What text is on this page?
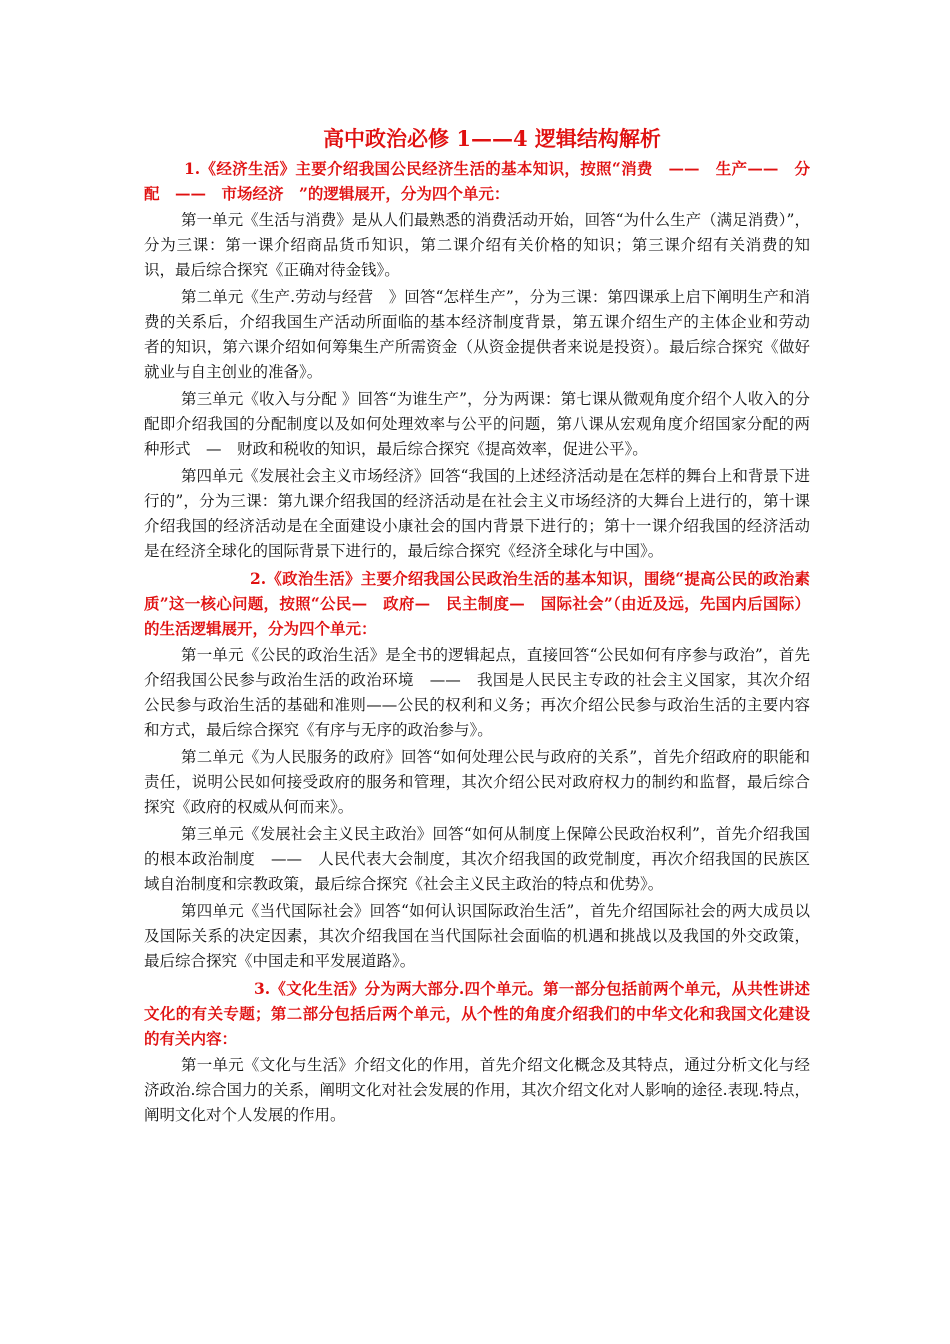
高中政治必修 1——4 逻辑结构解析

1.《经济生活》主要介绍我国公民经济生活的基本知识，按照“消费　——　生产——　分配　——　市场经济　”的逻辑展开，分为四个单元：

第一单元《生活与消费》是从人们最熟悉的消费活动开始，回答“为什么生产（满足消费）”，分为三课：第一课介绍商品货币知识，第二课介绍有关价格的知识；第三课介绍有关消费的知识，最后综合探究《正确对待金钱》。

第二单元《生产.劳动与经营　》回答“怎样生产”，分为三课：第四课承上启下阐明生产和消费的关系后，介绍我国生产活动所面临的基本经济制度背景，第五课介绍生产的主体企业和劳动者的知识，第六课介绍如何筹集生产所需资金（从资金提供者来说是投资）。最后综合探究《做好就业与自主创业的准备》。

第三单元《收入与分配 》回答“为谁生产”，分为两课：第七课从微观角度介绍个人收入的分配即介绍我国的分配制度以及如何处理效率与公平的问题，第八课从宏观角度介绍国家分配的两种形式　—　财政和税收的知识，最后综合探究《提高效率，促进公平》。

第四单元《发展社会主义市场经济》回答“我国的上述经济活动是在怎样的舞台上和背景下进行的”，分为三课：第九课介绍我国的经济活动是在社会主义市场经济的大舞台上进行的，第十课介绍我国的经济活动是在全面建设小康社会的国内背景下进行的；第十一课介绍我国的经济活动是在经济全球化的国际背景下进行的，最后综合探究《经济全球化与中国》。

2.《政治生活》主要介绍我国公民政治生活的基本知识，围绕“提高公民的政治素质”这一核心问题，按照“公民—　政府—　民主制度—　国际社会”（由近及远，先国内后国际）的生活逻辑展开，分为四个单元：

第一单元《公民的政治生活》是全书的逻辑起点，直接回答“公民如何有序参与政治”，首先介绍我国公民参与政治生活的政治环境　——　我国是人民民主专政的社会主义国家，其次介绍公民参与政治生活的基础和准则——公民的权利和义务；再次介绍公民参与政治生活的主要内容和方式，最后综合探究《有序与无序的政治参与》。

第二单元《为人民服务的政府》回答“如何处理公民与政府的关系”，首先介绍政府的职能和责任，说明公民如何接受政府的服务和管理，其次介绍公民对政府权力的制约和监督，最后综合探究《政府的权威从何而来》。

第三单元《发展社会主义民主政治》回答“如何从制度上保障公民政治权利”，首先介绍我国的根本政治制度　——　人民代表大会制度，其次介绍我国的政党制度，再次介绍我国的民族区域自治制度和宗教政策，最后综合探究《社会主义民主政治的特点和优势》。

第四单元《当代国际社会》回答“如何认识国际政治生活”，首先介绍国际社会的两大成员以及国际关系的决定因素，其次介绍我国在当代国际社会面临的机遇和挑战以及我国的外交政策，最后综合探究《中国走和平发展道路》。

3.《文化生活》分为两大部分.四个单元。第一部分包括前两个单元，从共性讲述文化的有关专题；第二部分包括后两个单元，从个性的角度介绍我们的中华文化和我国文化建设的有关内容：

第一单元《文化与生活》介绍文化的作用，首先介绍文化概念及其特点，通过分析文化与经济政治.综合国力的关系，阐明文化对社会发展的作用，其次介绍文化对人影响的途径.表现.特点，阐明文化对个人发展的作用。
